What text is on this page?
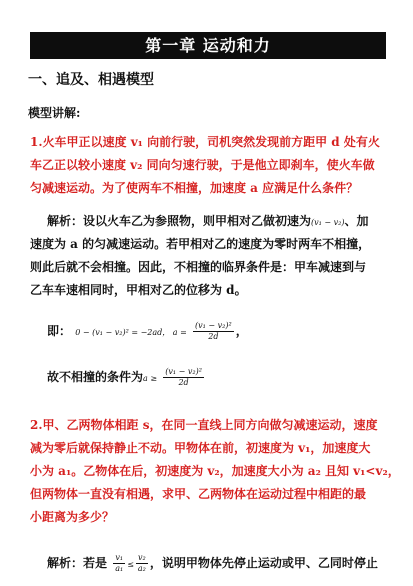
第一章 运动和力
一、追及、相遇模型
模型讲解:
1.火车甲正以速度 v₁ 向前行驶，司机突然发现前方距甲 d 处有火
车乙正以较小速度 v₂ 同向匀速行驶，于是他立即刹车，使火车做
匀减速运动。为了使两车不相撞，加速度 a 应满足什么条件？
解析：设以火车乙为参照物，则甲相对乙做初速为(v₁ − v₂)、加
速度为 a 的匀减速运动。若甲相对乙的速度为零时两车不相撞，
则此后就不会相撞。因此，不相撞的临界条件是：甲车减速到与
乙车车速相同时，甲相对乙的位移为 d。
即： 0 − (v₁ − v₂)² = −2ad， $a = \frac{\text{(v₁ − v₂)²}}{2d}$ ，
故不相撞的条件为$a \ge \frac{\text{(v₁ − v₂)²}}{2d}$
2.甲、乙两物体相距 s，在同一直线上同方向做匀减速运动，速度
减为零后就保持静止不动。甲物体在前，初速度为 v₁，加速度大
小为 a₁。乙物体在后，初速度为 v₂，加速度大小为 a₂ 且知 v₁<v₂，
但两物体一直没有相遇，求甲、乙两物体在运动过程中相距的最
小距离为多少？
解析：若是 $\frac{\text{v₁}}{\text{a₁}} \le \frac{\text{v₂}}{\text{a₂}}$ ，说明甲物体先停止运动或甲、乙同时停止
